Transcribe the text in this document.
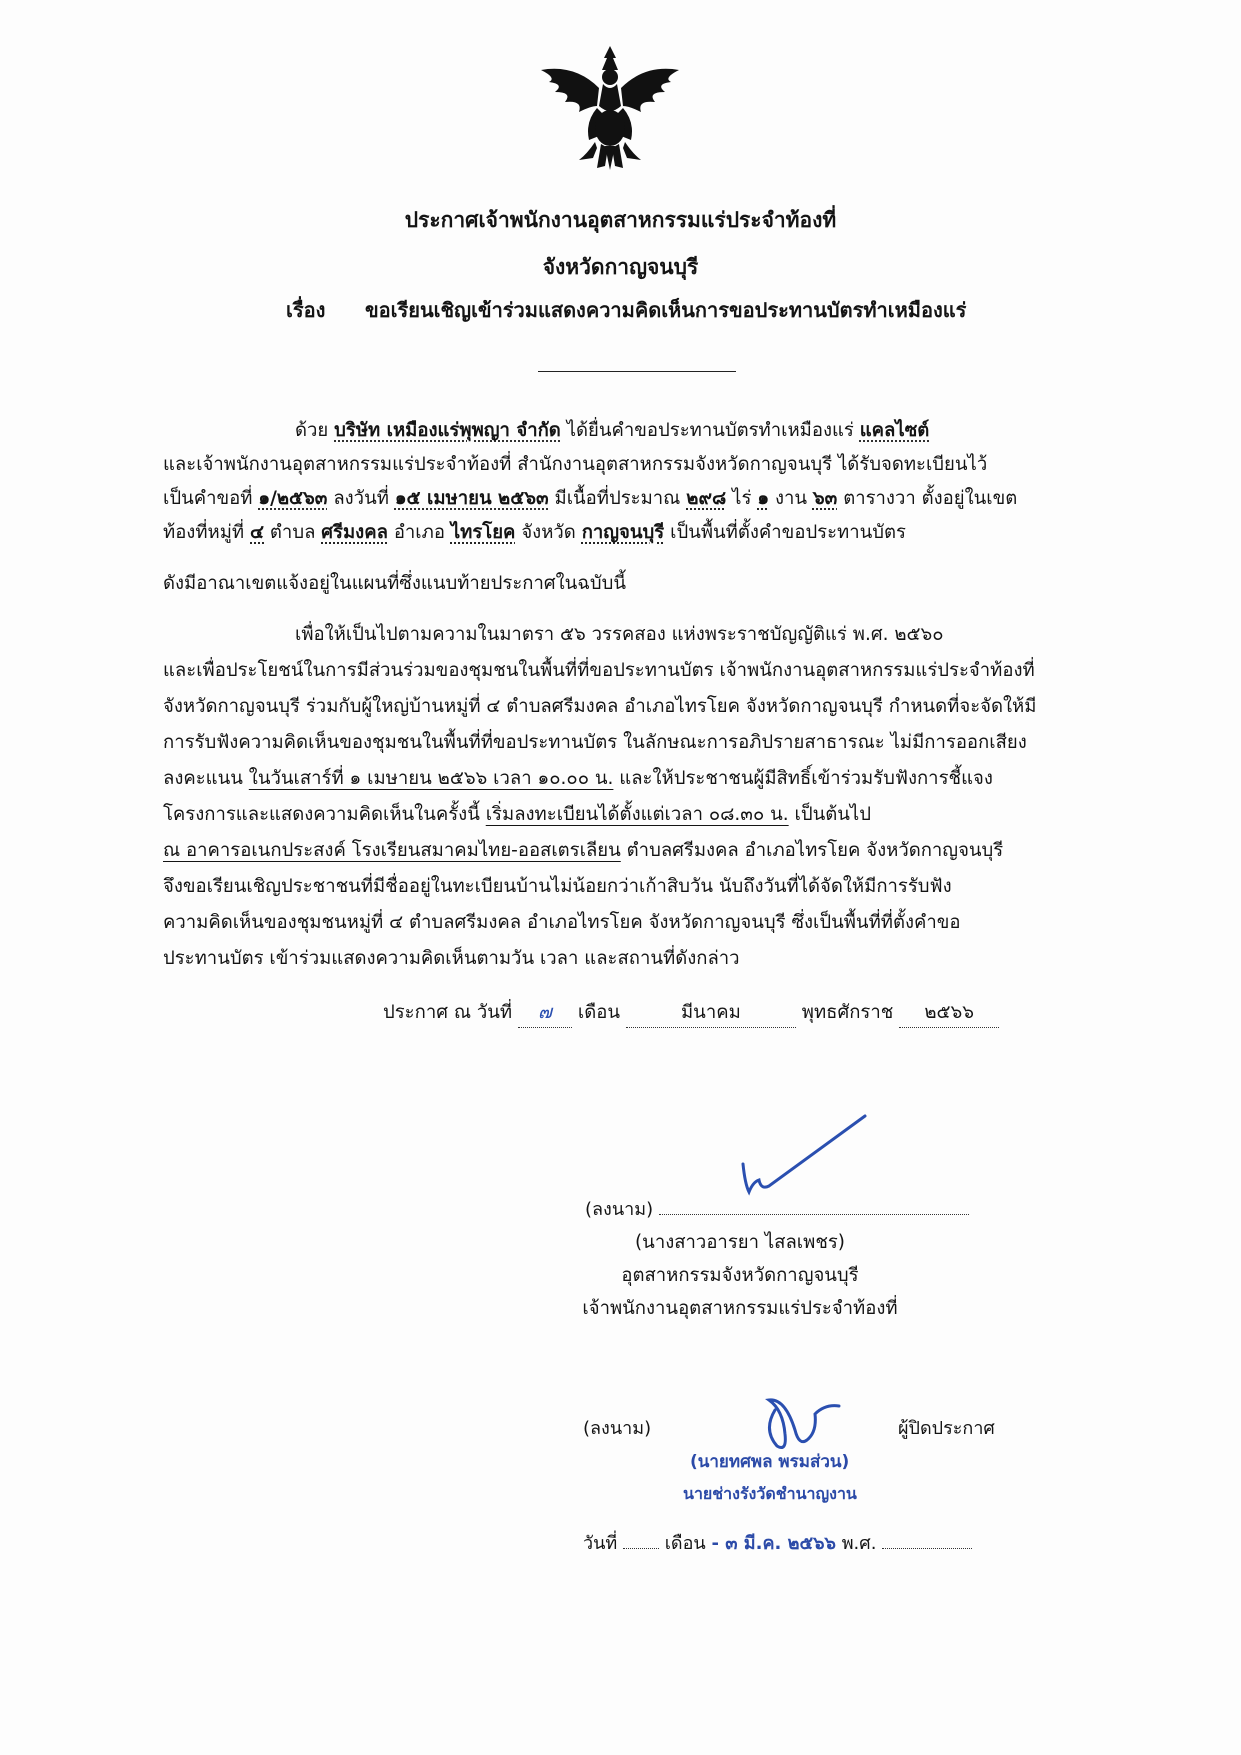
ประกาศเจ้าพนักงานอุตสาหกรรมแร่ประจำท้องที่
จังหวัดกาญจนบุรี
เรื่อง ขอเรียนเชิญเข้าร่วมแสดงความคิดเห็นการขอประทานบัตรทำเหมืองแร่
ด้วย บริษัท เหมืองแร่พุพญา จำกัด ได้ยื่นคำขอประทานบัตรทำเหมืองแร่ แคลไซต์
และเจ้าพนักงานอุตสาหกรรมแร่ประจำท้องที่ สำนักงานอุตสาหกรรมจังหวัดกาญจนบุรี ได้รับจดทะเบียนไว้
เป็นคำขอที่ ๑/๒๕๖๓ ลงวันที่ ๑๕ เมษายน ๒๕๖๓ มีเนื้อที่ประมาณ ๒๙๘ ไร่ ๑ งาน ๖๓ ตารางวา ตั้งอยู่ในเขต
ท้องที่หมู่ที่ ๔ ตำบล ศรีมงคล อำเภอ ไทรโยค จังหวัด กาญจนบุรี เป็นพื้นที่ตั้งคำขอประทานบัตร
ดังมีอาณาเขตแจ้งอยู่ในแผนที่ซึ่งแนบท้ายประกาศในฉบับนี้
เพื่อให้เป็นไปตามความในมาตรา ๕๖ วรรคสอง แห่งพระราชบัญญัติแร่ พ.ศ. ๒๕๖๐
และเพื่อประโยชน์ในการมีส่วนร่วมของชุมชนในพื้นที่ที่ขอประทานบัตร เจ้าพนักงานอุตสาหกรรมแร่ประจำท้องที่
จังหวัดกาญจนบุรี ร่วมกับผู้ใหญ่บ้านหมู่ที่ ๔ ตำบลศรีมงคล อำเภอไทรโยค จังหวัดกาญจนบุรี กำหนดที่จะจัดให้มี
การรับฟังความคิดเห็นของชุมชนในพื้นที่ที่ขอประทานบัตร ในลักษณะการอภิปรายสาธารณะ ไม่มีการออกเสียง
ลงคะแนน ในวันเสาร์ที่ ๑ เมษายน ๒๕๖๖ เวลา ๑๐.๐๐ น. และให้ประชาชนผู้มีสิทธิ์เข้าร่วมรับฟังการชี้แจง
โครงการและแสดงความคิดเห็นในครั้งนี้ เริ่มลงทะเบียนได้ตั้งแต่เวลา ๐๘.๓๐ น. เป็นต้นไป
ณ อาคารอเนกประสงค์ โรงเรียนสมาคมไทย-ออสเตรเลียน ตำบลศรีมงคล อำเภอไทรโยค จังหวัดกาญจนบุรี
จึงขอเรียนเชิญประชาชนที่มีชื่ออยู่ในทะเบียนบ้านไม่น้อยกว่าเก้าสิบวัน นับถึงวันที่ได้จัดให้มีการรับฟัง
ความคิดเห็นของชุมชนหมู่ที่ ๔ ตำบลศรีมงคล อำเภอไทรโยค จังหวัดกาญจนบุรี ซึ่งเป็นพื้นที่ที่ตั้งคำขอ
ประทานบัตร เข้าร่วมแสดงความคิดเห็นตามวัน เวลา และสถานที่ดังกล่าว
ประกาศ ณ วันที่ ๗ เดือน	มีนาคม	พุทธศักราช ๒๕๖๖
(ลงนาม)
(นางสาวอารยา ไสลเพชร)
อุตสาหกรรมจังหวัดกาญจนบุรี
เจ้าพนักงานอุตสาหกรรมแร่ประจำท้องที่
(ลงนาม)	ผู้ปิดประกาศ
(นายทศพล พรมส่วน)
นายช่างรังวัดชำนาญงาน
วันที่	เดือน - ๓ มี.ค. ๒๕๖๖ พ.ศ.
